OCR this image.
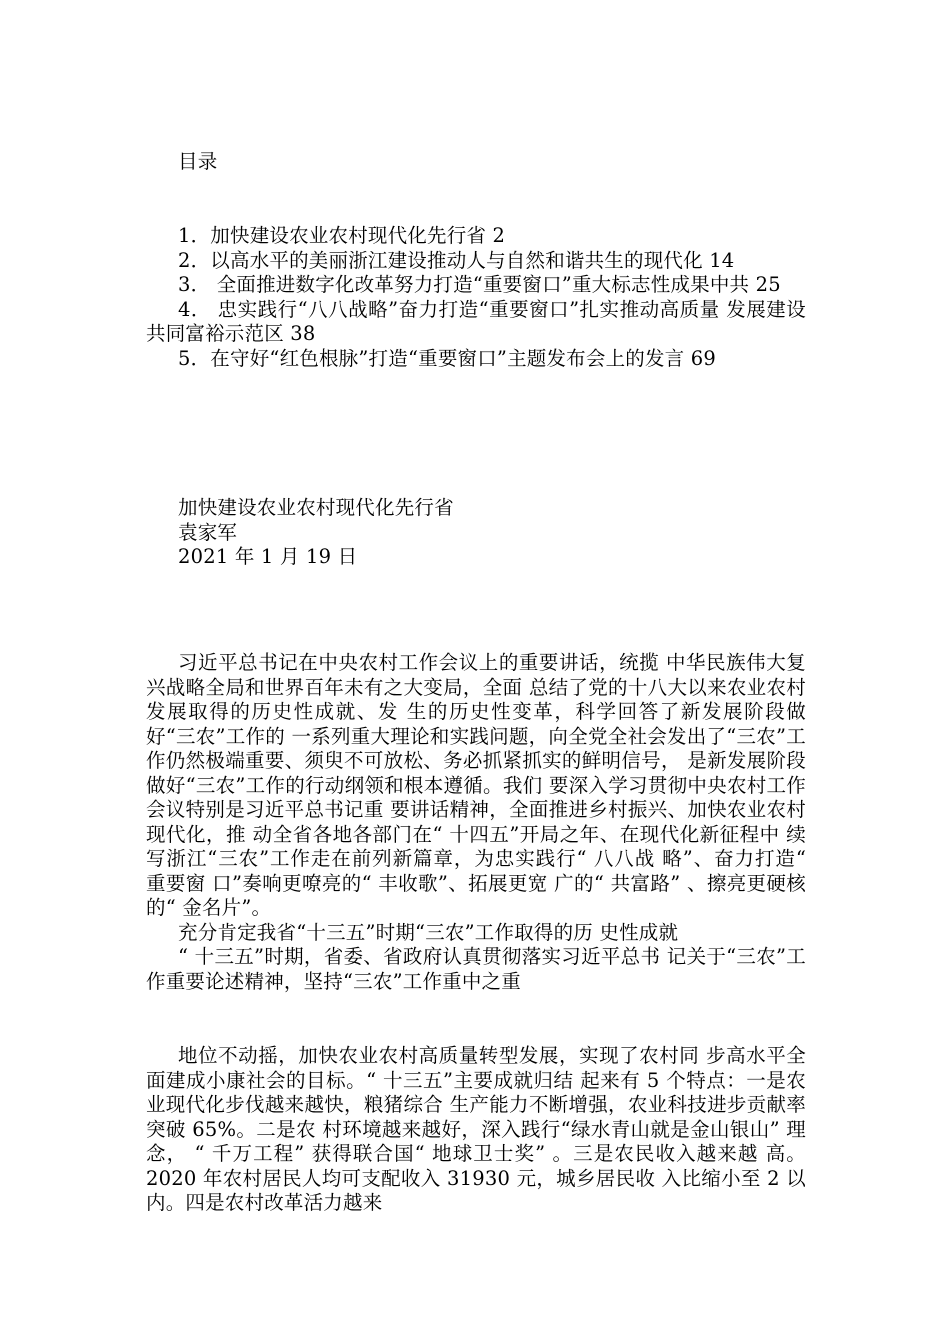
目录

1．加快建设农业农村现代化先行省 2

2．以高水平的美丽浙江建设推动人与自然和谐共生的现代化 14

3． 全面推进数字化改革努力打造“重要窗口”重大标志性成果中共 25

4． 忠实践行“八八战略”奋力打造“重要窗口”扎实推动高质量 发展建设共同富裕示范区 38

5．在守好“红色根脉”打造“重要窗口”主题发布会上的发言 69

加快建设农业农村现代化先行省
袁家军
2021 年 1 月 19 日

习近平总书记在中央农村工作会议上的重要讲话，统揽 中华民族伟大复兴战略全局和世界百年未有之大变局，全面 总结了党的十八大以来农业农村发展取得的历史性成就、发 生的历史性变革，科学回答了新发展阶段做好“三农”工作的 一系列重大理论和实践问题，向全党全社会发出了“三农”工 作仍然极端重要、须臾不可放松、务必抓紧抓实的鲜明信号， 是新发展阶段做好“三农”工作的行动纲领和根本遵循。我们 要深入学习贯彻中央农村工作会议特别是习近平总书记重 要讲话精神，全面推进乡村振兴、加快农业农村现代化，推 动全省各地各部门在“ 十四五”开局之年、在现代化新征程中 续写浙江“三农”工作走在前列新篇章，为忠实践行“ 八八战 略”、奋力打造“ 重要窗 口”奏响更嘹亮的“ 丰收歌”、拓展更宽 广的“ 共富路” 、擦亮更硬核的“ 金名片”。

充分肯定我省“十三五”时期“三农”工作取得的历 史性成就

“ 十三五”时期，省委、省政府认真贯彻落实习近平总书 记关于“三农”工作重要论述精神，坚持“三农”工作重中之重

地位不动摇，加快农业农村高质量转型发展，实现了农村同 步高水平全面建成小康社会的目标。“ 十三五”主要成就归结 起来有 5 个特点：一是农业现代化步伐越来越快，粮猪综合 生产能力不断增强，农业科技进步贡献率突破 65%。二是农 村环境越来越好，深入践行“绿水青山就是金山银山” 理念， “ 千万工程” 获得联合国“ 地球卫士奖” 。三是农民收入越来越 高。2020 年农村居民人均可支配收入 31930 元，城乡居民收 入比缩小至 2 以内。四是农村改革活力越来
